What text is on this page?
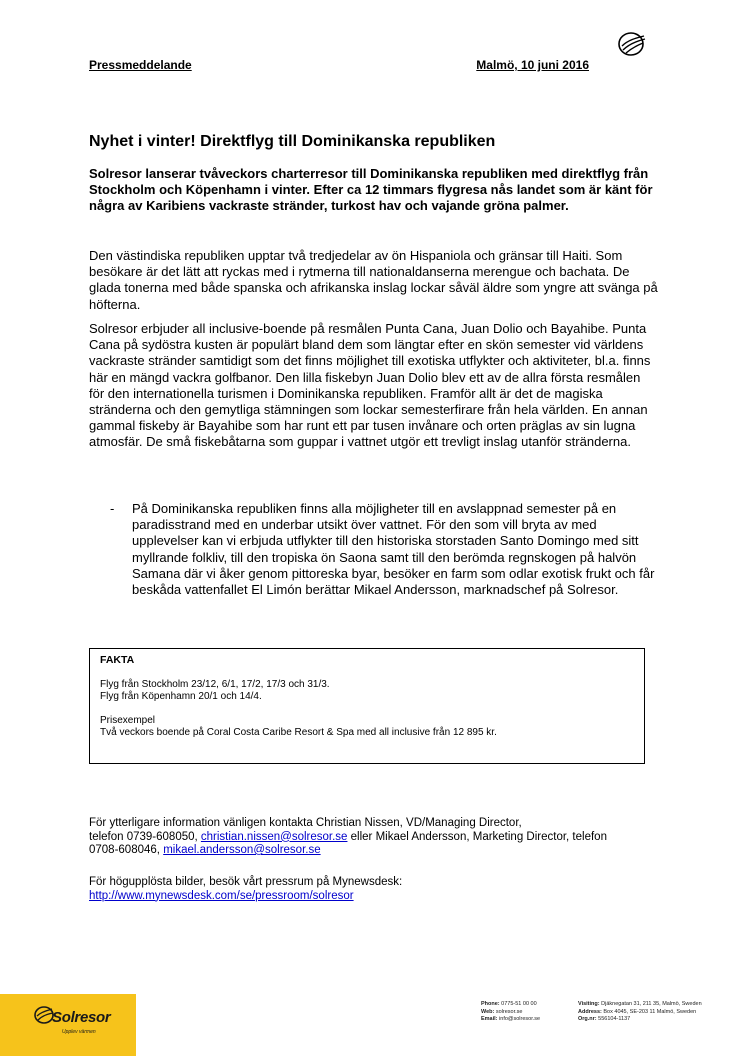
Pressmeddelande	Malmö, 10 juni 2016
Nyhet i vinter! Direktflyg till Dominikanska republiken
Solresor lanserar tvåveckors charterresor till Dominikanska republiken med direktflyg från Stockholm och Köpenhamn i vinter. Efter ca 12 timmars flygresa nås landet som är känt för några av Karibiens vackraste stränder, turkost hav och vajande gröna palmer.
Den västindiska republiken upptar två tredjedelar av ön Hispaniola och gränsar till Haiti. Som besökare är det lätt att ryckas med i rytmerna till nationaldanserna merengue och bachata. De glada tonerna med både spanska och afrikanska inslag lockar såväl äldre som yngre att svänga på höfterna.
Solresor erbjuder all inclusive-boende på resmålen Punta Cana, Juan Dolio och Bayahibe. Punta Cana på sydöstra kusten är populärt bland dem som längtar efter en skön semester vid världens vackraste stränder samtidigt som det finns möjlighet till exotiska utflykter och aktiviteter, bl.a. finns här en mängd vackra golfbanor. Den lilla fiskebyn Juan Dolio blev ett av de allra första resmålen för den internationella turismen i Dominikanska republiken. Framför allt är det de magiska stränderna och den gemytliga stämningen som lockar semesterfirare från hela världen. En annan gammal fiskeby är Bayahibe som har runt ett par tusen invånare och orten präglas av sin lugna atmosfär. De små fiskebåtarna som guppar i vattnet utgör ett trevligt inslag utanför stränderna.
- På Dominikanska republiken finns alla möjligheter till en avslappnad semester på en paradisstrand med en underbar utsikt över vattnet. För den som vill bryta av med upplevelser kan vi erbjuda utflykter till den historiska storstaden Santo Domingo med sitt myllrande folkliv, till den tropiska ön Saona samt till den berömda regnskogen på halvön Samana där vi åker genom pittoreska byar, besöker en farm som odlar exotisk frukt och får beskåda vattenfallet El Limón berättar Mikael Andersson, marknadschef på Solresor.
FAKTA
Flyg från Stockholm 23/12, 6/1, 17/2, 17/3 och 31/3.
Flyg från Köpenhamn 20/1 och 14/4.
Prisexempel
Två veckors boende på Coral Costa Caribe Resort & Spa med all inclusive från 12 895 kr.
För ytterligare information vänligen kontakta Christian Nissen, VD/Managing Director,
telefon 0739-608050, christian.nissen@solresor.se eller Mikael Andersson, Marketing Director, telefon
0708-608046, mikael.andersson@solresor.se
För högupplösta bilder, besök vårt pressrum på Mynewsdesk:
http://www.mynewsdesk.com/se/pressroom/solresor
Solresor
Upplev värmen
Phone: 0775-51 00 00
Web: solresor.se
Email: info@solresor.se
Visiting: Djäknegatan 31, 211 35, Malmö, Sweden
Address: Box 4045, SE-203 11 Malmö, Sweden
Org.nr: 556104-1137
